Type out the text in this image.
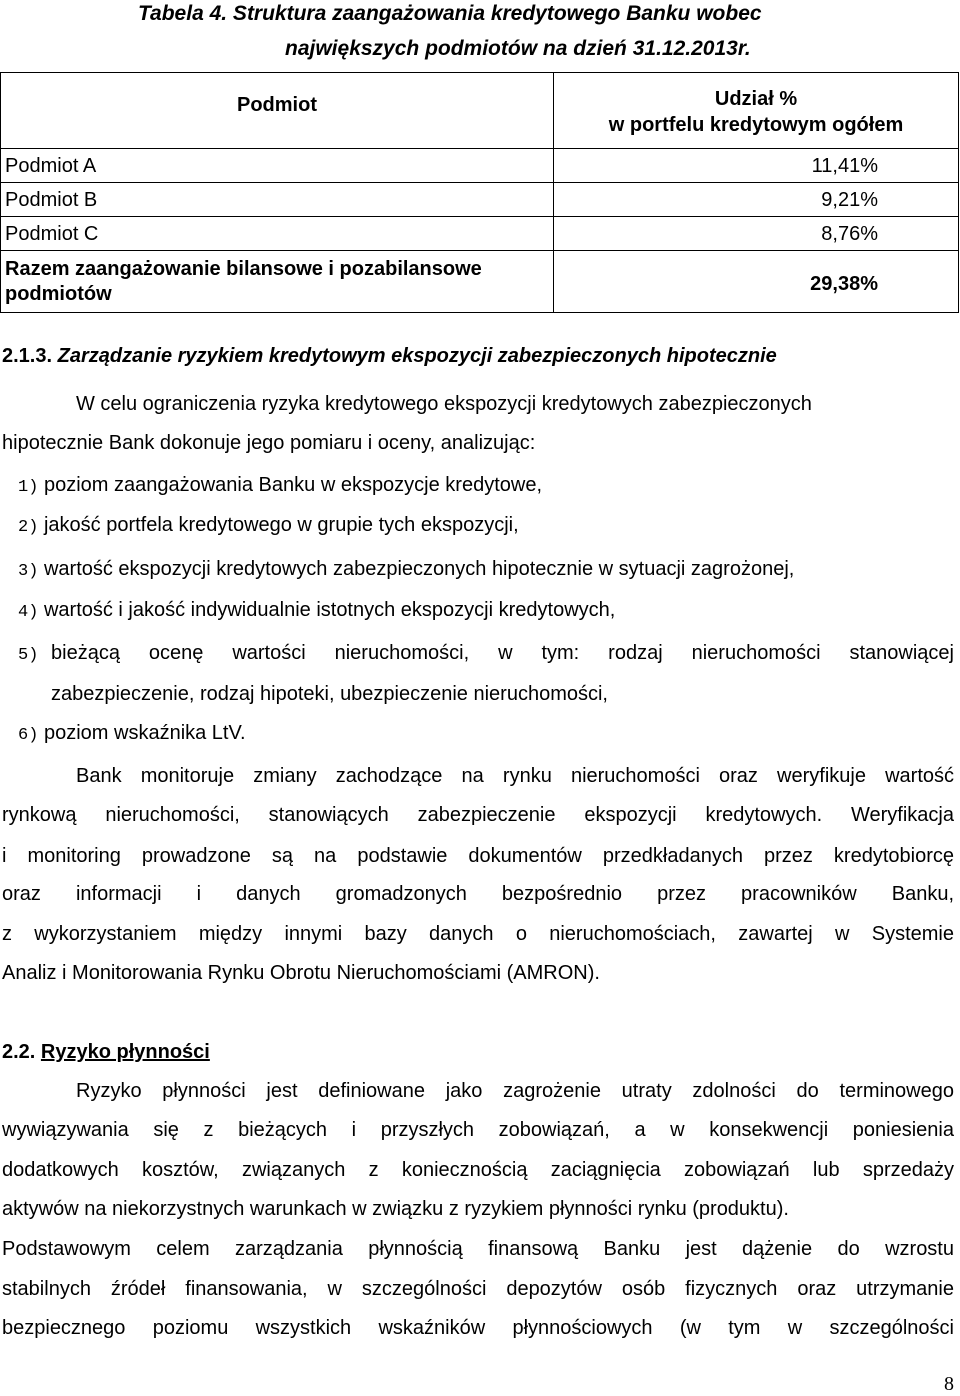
Tabela 4. Struktura zaangażowania kredytowego Banku wobec
największych podmiotów na dzień 31.12.2013r.
Podmiot	Udział %
w portfelu kredytowym ogółem

Podmiot A	11,41%
Podmiot B	9,21%
Podmiot C	8,76%

Razem zaangażowanie bilansowe i pozabilansowe
podmiotów	29,38%
2.1.3. Zarządzanie ryzykiem kredytowym ekspozycji zabezpieczonych hipotecznie
W celu ograniczenia ryzyka kredytowego ekspozycji kredytowych zabezpieczonych
hipotecznie Bank dokonuje jego pomiaru i oceny, analizując:
1) poziom zaangażowania Banku w ekspozycje kredytowe,
2) jakość portfela kredytowego w grupie tych ekspozycji,
3) wartość ekspozycji kredytowych zabezpieczonych hipotecznie w sytuacji zagrożonej,
4) wartość i jakość indywidualnie istotnych ekspozycji kredytowych,
5) bieżącą ocenę wartości nieruchomości, w tym: rodzaj nieruchomości stanowiącej
zabezpieczenie, rodzaj hipoteki, ubezpieczenie nieruchomości,
6) poziom wskaźnika LtV.
Bank monitoruje zmiany zachodzące na rynku nieruchomości oraz weryfikuje wartość
rynkową nieruchomości, stanowiących zabezpieczenie ekspozycji kredytowych. Weryfikacja
i monitoring prowadzone są na podstawie dokumentów przedkładanych przez kredytobiorcę
oraz informacji i danych gromadzonych bezpośrednio przez pracowników Banku,
z wykorzystaniem między innymi bazy danych o nieruchomościach, zawartej w Systemie
Analiz i Monitorowania Rynku Obrotu Nieruchomościami (AMRON).
2.2. Ryzyko płynności
Ryzyko płynności jest definiowane jako zagrożenie utraty zdolności do terminowego
wywiązywania się z bieżących i przyszłych zobowiązań, a w konsekwencji poniesienia
dodatkowych kosztów, związanych z koniecznością zaciągnięcia zobowiązań lub sprzedaży
aktywów na niekorzystnych warunkach w związku z ryzykiem płynności rynku (produktu).
Podstawowym celem zarządzania płynnością finansową Banku jest dążenie do wzrostu
stabilnych źródeł finansowania, w szczególności depozytów osób fizycznych oraz utrzymanie
bezpiecznego poziomu wszystkich wskaźników płynnościowych (w tym w szczególności
8
